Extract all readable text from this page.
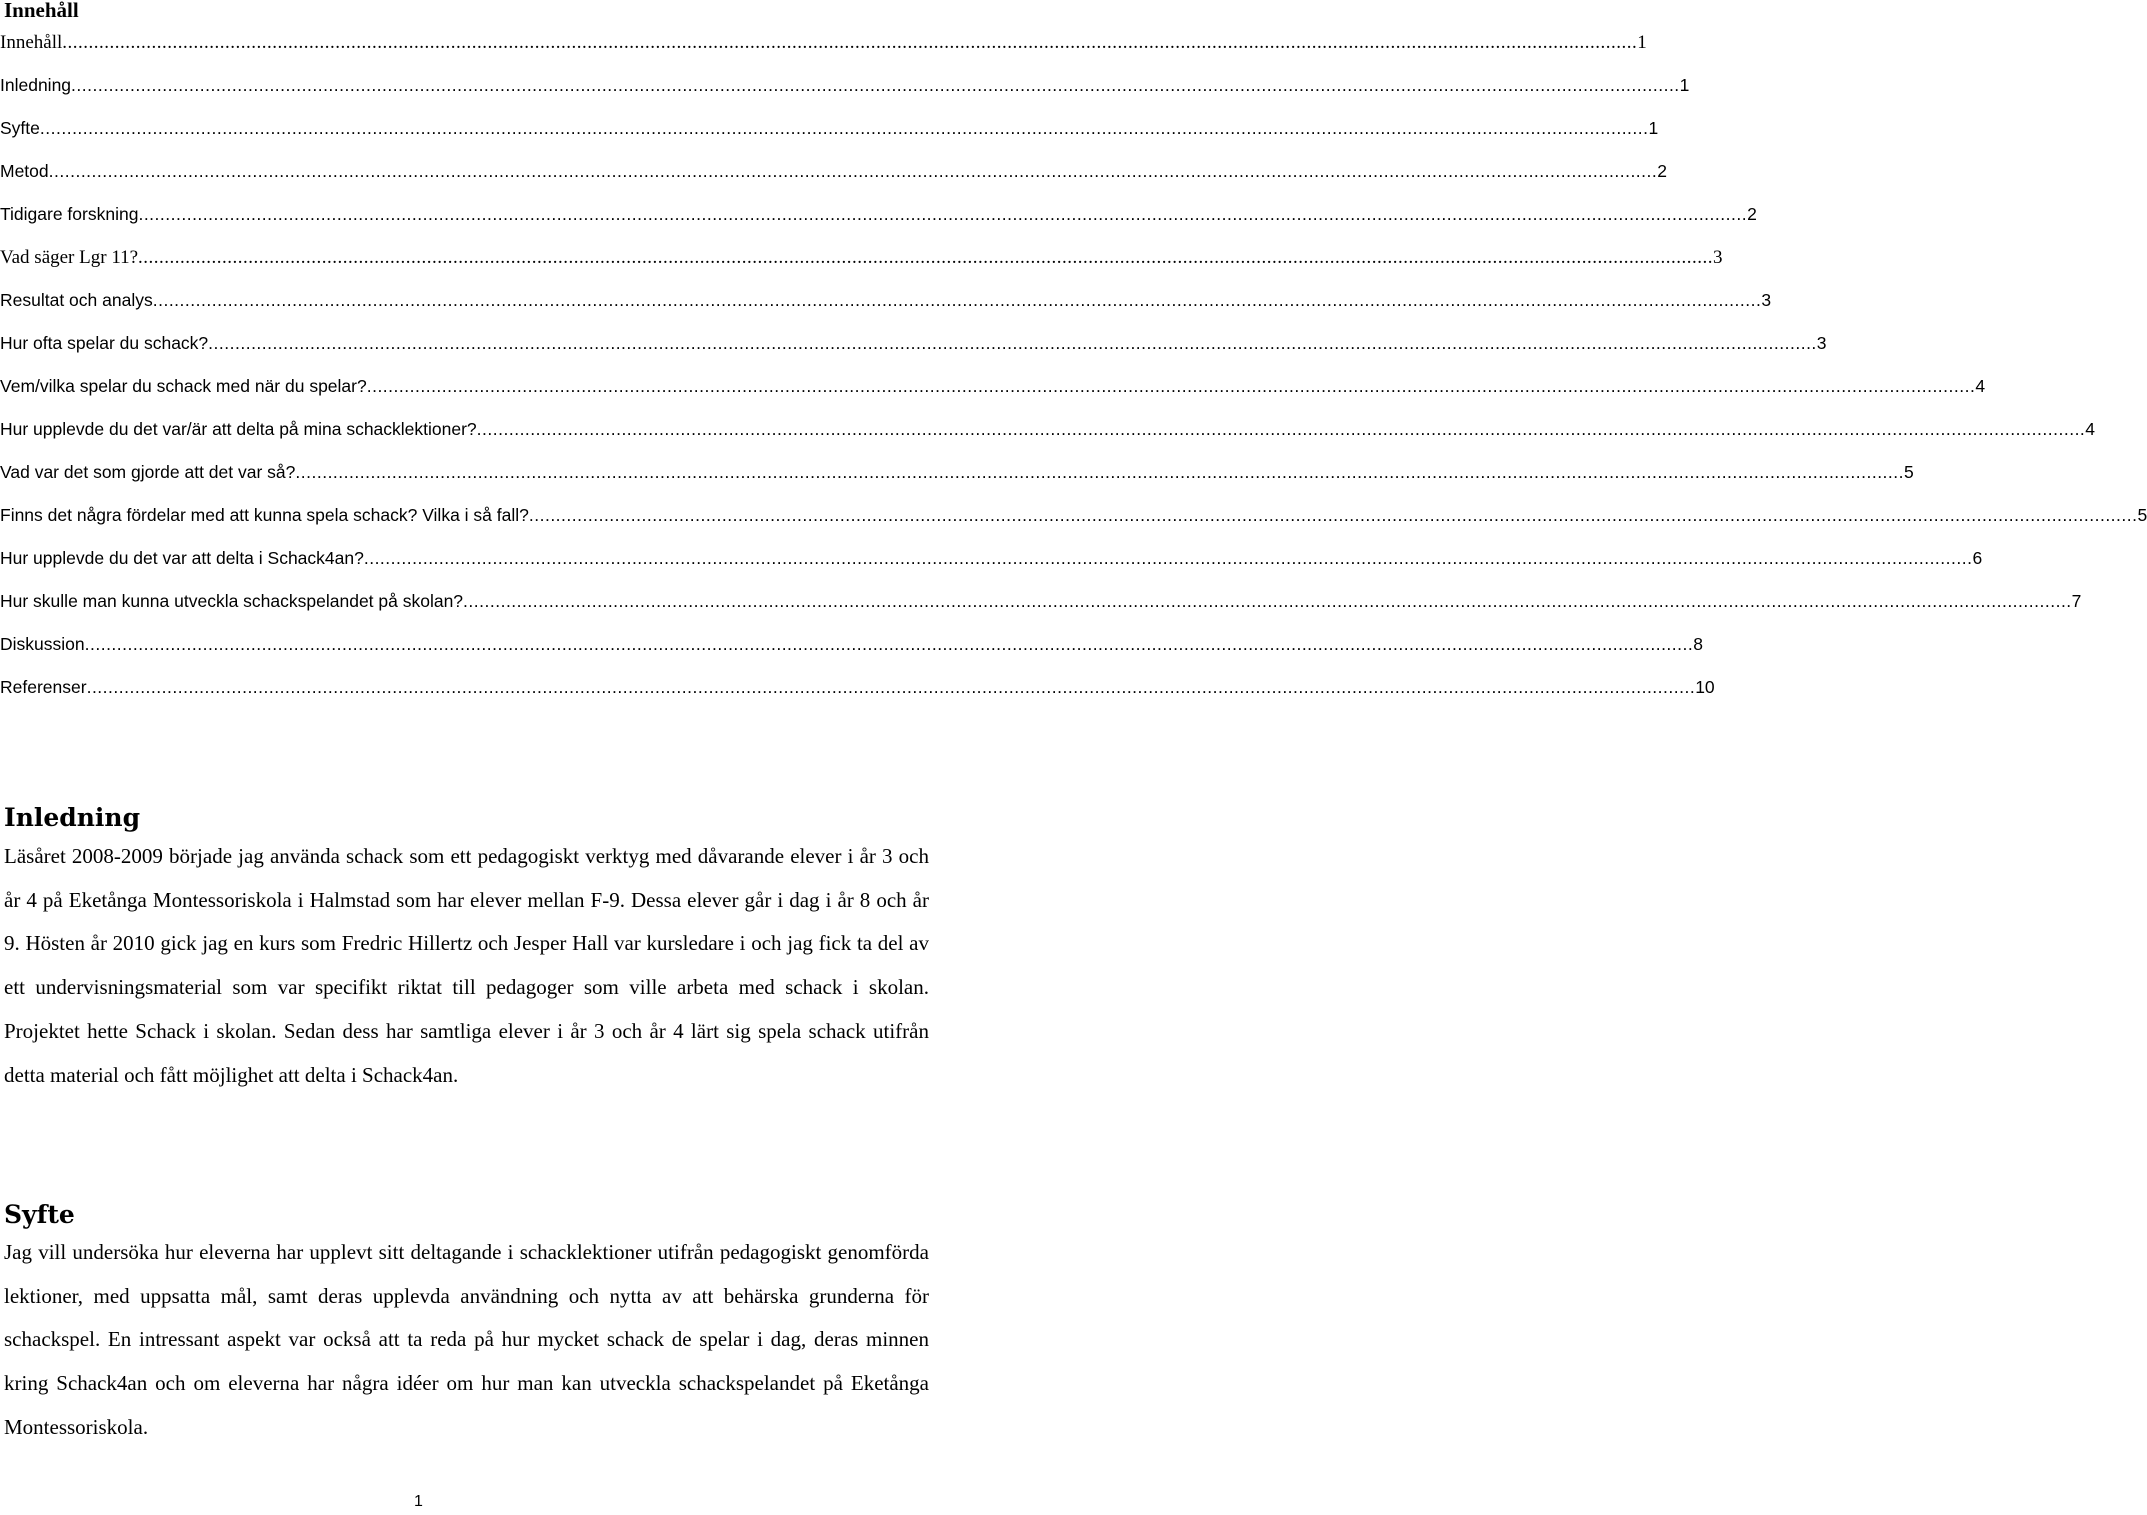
Innehåll
Innehåll ............................................................................................................................................................................................................................................................................................................ 1
Inledning ............................................................................................................................................................................................................................................................................................................ 1
Syfte ............................................................................................................................................................................................................................................................................................................ 1
Metod ............................................................................................................................................................................................................................................................................................................ 2
Tidigare forskning ............................................................................................................................................................................................................................................................................................................ 2
Vad säger Lgr 11? ............................................................................................................................................................................................................................................................................................................ 3
Resultat och analys ............................................................................................................................................................................................................................................................................................................ 3
Hur ofta spelar du schack? ............................................................................................................................................................................................................................................................................................................ 3
Vem/vilka spelar du schack med när du spelar? ............................................................................................................................................................................................................................................................................................................ 4
Hur upplevde du det var/är att delta på mina schacklektioner? ............................................................................................................................................................................................................................................................................................................ 4
Vad var det som gjorde att det var så? ............................................................................................................................................................................................................................................................................................................ 5
Finns det några fördelar med att kunna spela schack? Vilka i så fall? ............................................................................................................................................................................................................................................................................................................ 5
Hur upplevde du det var att delta i Schack4an? ............................................................................................................................................................................................................................................................................................................ 6
Hur skulle man kunna utveckla schackspelandet på skolan? ............................................................................................................................................................................................................................................................................................................ 7
Diskussion ............................................................................................................................................................................................................................................................................................................ 8
Referenser ............................................................................................................................................................................................................................................................................................................ 10
Inledning

Läsåret 2008-2009 började jag använda schack som ett pedagogiskt verktyg med dåvarande elever i år 3 och år 4 på Eketånga Montessoriskola i Halmstad som har elever mellan F-9. Dessa elever går i dag i år 8 och år 9. Hösten år 2010 gick jag en kurs som Fredric Hillertz och Jesper Hall var kursledare i och jag fick ta del av ett undervisningsmaterial som var specifikt riktat till pedagoger som ville arbeta med schack i skolan. Projektet hette Schack i skolan. Sedan dess har samtliga elever i år 3 och år 4 lärt sig spela schack utifrån detta material och fått möjlighet att delta i Schack4an.

Syfte

Jag vill undersöka hur eleverna har upplevt sitt deltagande i schacklektioner utifrån pedagogiskt genomförda lektioner, med uppsatta mål, samt deras upplevda användning och nytta av att behärska grunderna för schackspel. En intressant aspekt var också att ta reda på hur mycket schack de spelar i dag, deras minnen kring Schack4an och om eleverna har några idéer om hur man kan utveckla schackspelandet på Eketånga Montessoriskola.

1
